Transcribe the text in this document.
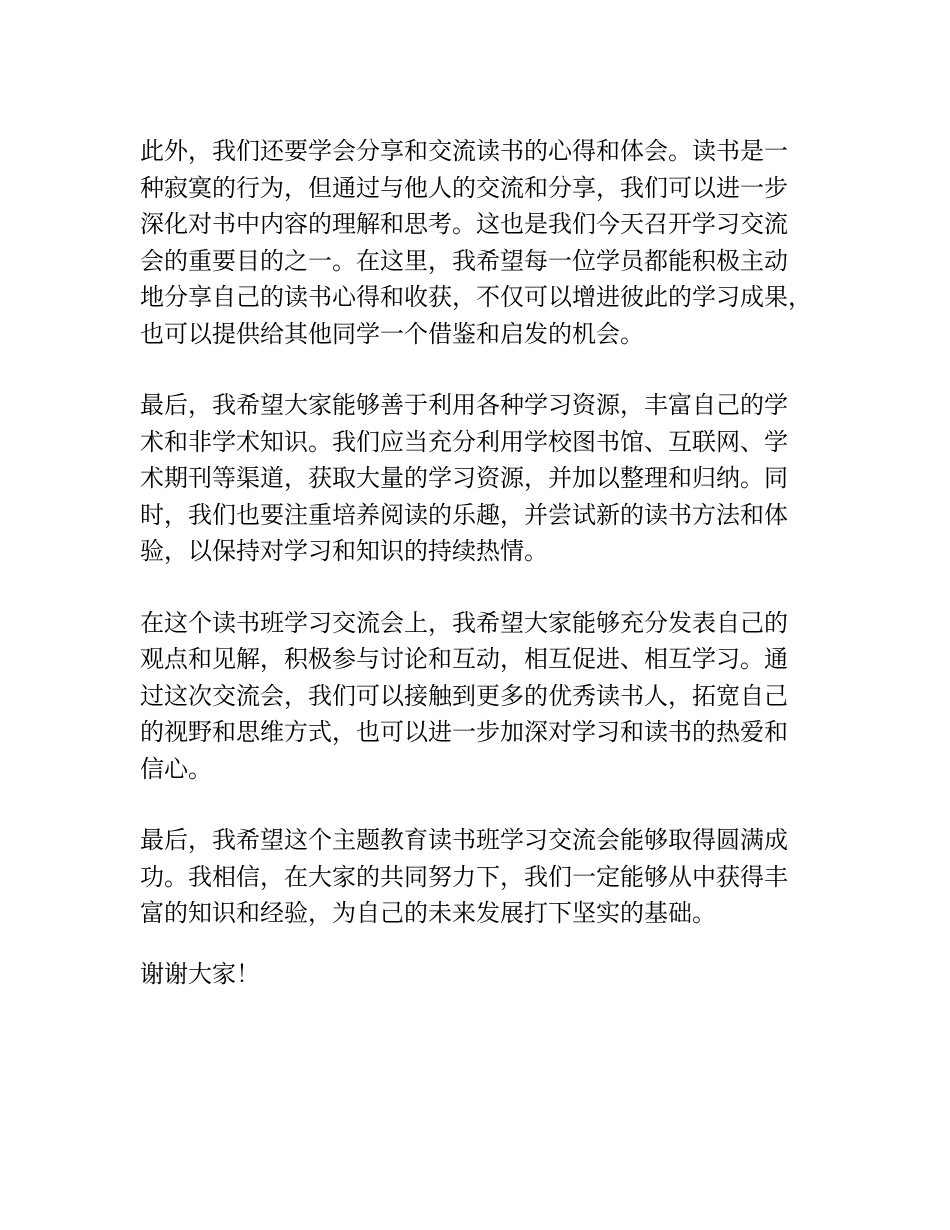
此外，我们还要学会分享和交流读书的心得和体会。读书是一
种寂寞的行为，但通过与他人的交流和分享，我们可以进一步
深化对书中内容的理解和思考。这也是我们今天召开学习交流
会的重要目的之一。在这里，我希望每一位学员都能积极主动
地分享自己的读书心得和收获，不仅可以增进彼此的学习成果，
也可以提供给其他同学一个借鉴和启发的机会。

最后，我希望大家能够善于利用各种学习资源，丰富自己的学
术和非学术知识。我们应当充分利用学校图书馆、互联网、学
术期刊等渠道，获取大量的学习资源，并加以整理和归纳。同
时，我们也要注重培养阅读的乐趣，并尝试新的读书方法和体
验，以保持对学习和知识的持续热情。

在这个读书班学习交流会上，我希望大家能够充分发表自己的
观点和见解，积极参与讨论和互动，相互促进、相互学习。通
过这次交流会，我们可以接触到更多的优秀读书人，拓宽自己
的视野和思维方式，也可以进一步加深对学习和读书的热爱和
信心。

最后，我希望这个主题教育读书班学习交流会能够取得圆满成
功。我相信，在大家的共同努力下，我们一定能够从中获得丰
富的知识和经验，为自己的未来发展打下坚实的基础。

谢谢大家！
